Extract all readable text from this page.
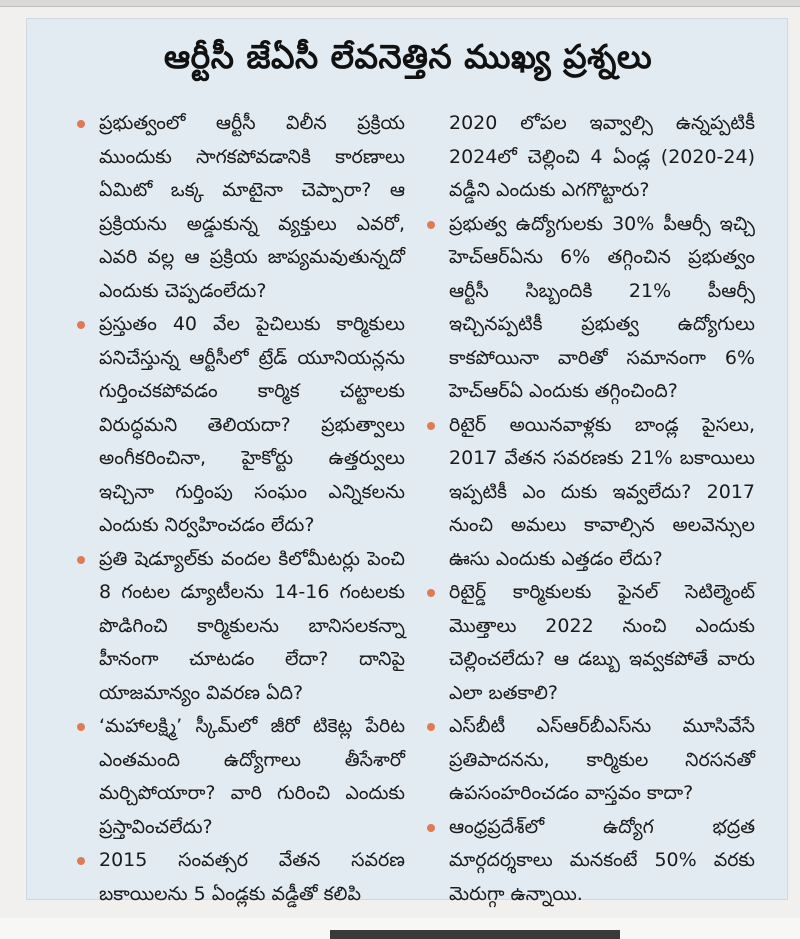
ఆర్టీసీ జేఏసీ లేవనెత్తిన ముఖ్య ప్రశ్నలు
ప్రభుత్వంలో ఆర్టీసీ విలీన ప్రక్రియ ముందుకు సాగకపోవడానికి కారణాలు ఏమిటో ఒక్క మాటైనా చెప్పారా? ఆ ప్రక్రియను అడ్డుకున్న వ్యక్తులు ఎవరో, ఎవరి వల్ల ఆ ప్రక్రియ జాప్యమవుతున్నదో ఎందుకు చెప్పడంలేదు?
ప్రస్తుతం 40 వేల పైచిలుకు కార్మికులు పనిచేస్తున్న ఆర్టీసీలో ట్రేడ్ యూనియన్లను గుర్తించకపోవడం కార్మిక చట్టాలకు విరుద్ధమని తెలియదా? ప్రభుత్వాలు అంగీకరించినా, హైకోర్టు ఉత్తర్వులు ఇచ్చినా గుర్తింపు సంఘం ఎన్నికలను ఎందుకు నిర్వహించడం లేదు?
ప్రతి షెడ్యూల్‌కు వందల కిలోమీటర్లు పెంచి 8 గంటల డ్యూటీలను 14-16 గంటలకు పొడిగించి కార్మికులను బానిసలకన్నా హీనంగా చూటడం లేదా? దానిపై యాజమాన్యం వివరణ ఏది?
‘మహాలక్ష్మి’ స్కీమ్‌లో జీరో టికెట్ల పేరిట ఎంతమంది ఉద్యోగాలు తీసేశారో మర్చిపోయారా? వారి గురించి ఎందుకు ప్రస్తావించలేదు?
2015 సంవత్సర వేతన సవరణ బకాయిలను 5 ఏండ్లకు వడ్డీతో కలిపి
2020 లోపల ఇవ్వాల్సి ఉన్నప్పటికీ 2024లో చెల్లించి 4 ఏండ్ల (2020-24) వడ్డీని ఎందుకు ఎగగొట్టారు?
ప్రభుత్వ ఉద్యోగులకు 30% పీఆర్సీ ఇచ్చి హెచ్‌ఆర్‌ఏను 6% తగ్గించిన ప్రభుత్వం ఆర్టీసీ సిబ్బందికి 21% పీఆర్సీ ఇచ్చినప్పటికీ ప్రభుత్వ ఉద్యోగులు కాకపోయినా వారితో సమానంగా 6% హెచ్‌ఆర్‌ఏ ఎందుకు తగ్గించింది?
రిటైర్ అయినవాళ్లకు బాండ్ల పైసలు, 2017 వేతన సవరణకు 21% బకాయిలు ఇప్పటికీ ఎం దుకు ఇవ్వలేదు? 2017 నుంచి అమలు కావాల్సిన అలవెన్సుల ఊసు ఎందుకు ఎత్తడం లేదు?
రిటైర్డ్ కార్మికులకు ఫైనల్ సెటిల్మెంట్ మొత్తాలు 2022 నుంచి ఎందుకు చెల్లించలేదు? ఆ డబ్బు ఇవ్వకపోతే వారు ఎలా బతకాలి?
ఎస్‌బీటీ ఎస్ఆర్‌బీఎస్‌ను మూసివేసే ప్రతిపాదనను, కార్మికుల నిరసనతో ఉపసంహరించడం వాస్తవం కాదా?
ఆంధ్రప్రదేశ్‌లో ఉద్యోగ భద్రత మార్గదర్శకాలు మనకంటే 50% వరకు మెరుగ్గా ఉన్నాయి.
